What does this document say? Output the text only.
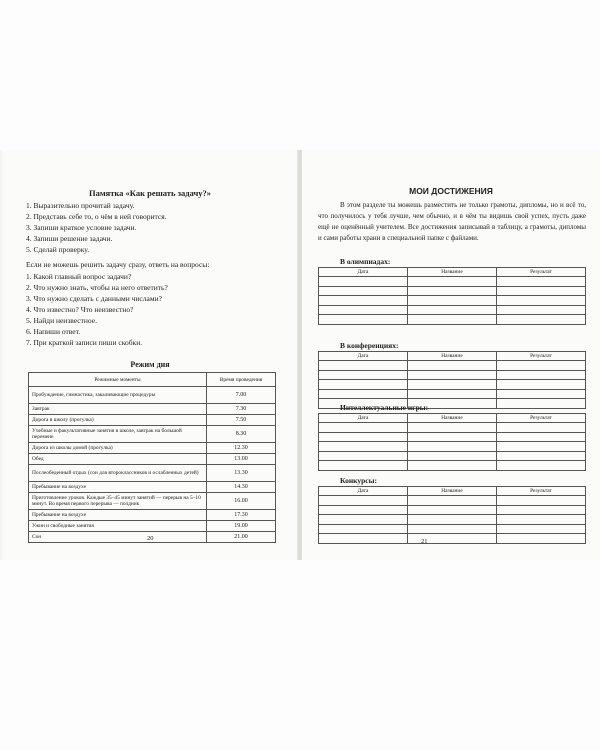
Памятка «Как решать задачу?»
1. Выразительно прочитай задачу.
2. Представь себе то, о чём в ней говорится.
3. Запиши краткое условие задачи.
4. Запиши решение задачи.
5. Сделай проверку.
Если не можешь решить задачу сразу, ответь на вопросы:
1. Какой главный вопрос задачи?
2. Что нужно знать, чтобы на него ответить?
3. Что нужно сделать с данными числами?
4. Что известно? Что неизвестно?
5. Найди неизвестное.
6. Напиши ответ.
7. При краткой записи пиши скобки.
Режим дня
Режимные моменты	Время проведения
Пробуждение, гимнастика, закаливающие процедуры	7.00
Завтрак	7.30
Дорога в школу (прогулка)	7.50
Учебные и факультативные занятия в школе, завтрак на большой перемене	8.30
Дорога из школы домой (прогулка)	12.30
Обед	13.00
Послеобеденный отдых (сон для второклассников и ослабленных детей)	13.30
Пребывание на воздухе	14.30
Приготовление уроков. Каждые 35–45 минут занятий — перерыв на 5–10 минут. Во время первого перерыва — полдник	16.00
Пребывание на воздухе	17.30
Ужин и свободные занятия	19.00
Сон	21.00
20
МОИ ДОСТИЖЕНИЯ

В этом разделе ты можешь разместить не только грамоты, дипломы, но и всё то, что получилось у тебя лучше, чем обычно, и в чём ты видишь свой успех, пусть даже ещё не оценённый учителем. Все достижения записывай в таблицу, а грамоты, дипломы и сами работы храни в специальной папке с файлами.

В олимпиадах:
Дата	Название	Результат

В конференциях:
Дата	Название	Результат

Интеллектуальные игры:
Дата	Название	Результат

Конкурсы:
Дата	Название	Результат

21
